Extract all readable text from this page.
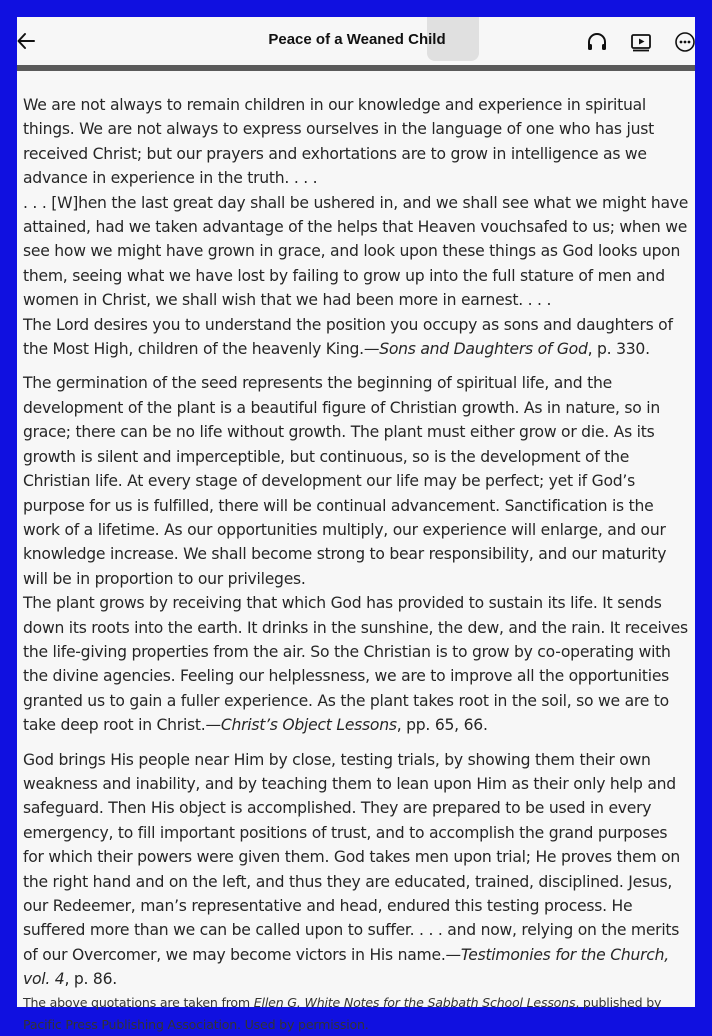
Peace of a Weaned Child

We are not always to remain children in our knowledge and experience in spiritual things. We are not always to express ourselves in the language of one who has just received Christ; but our prayers and exhortations are to grow in intelligence as we advance in experience in the truth. . . .

. . . [W]hen the last great day shall be ushered in, and we shall see what we might have attained, had we taken advantage of the helps that Heaven vouchsafed to us; when we see how we might have grown in grace, and look upon these things as God looks upon them, seeing what we have lost by failing to grow up into the full stature of men and women in Christ, we shall wish that we had been more in earnest. . . .

The Lord desires you to understand the position you occupy as sons and daughters of the Most High, children of the heavenly King.—Sons and Daughters of God, p. 330.

The germination of the seed represents the beginning of spiritual life, and the development of the plant is a beautiful figure of Christian growth. As in nature, so in grace; there can be no life without growth. The plant must either grow or die. As its growth is silent and imperceptible, but continuous, so is the development of the Christian life. At every stage of development our life may be perfect; yet if God’s purpose for us is fulfilled, there will be continual advancement. Sanctification is the work of a lifetime. As our opportunities multiply, our experience will enlarge, and our knowledge increase. We shall become strong to bear responsibility, and our maturity will be in proportion to our privileges.

The plant grows by receiving that which God has provided to sustain its life. It sends down its roots into the earth. It drinks in the sunshine, the dew, and the rain. It receives the life-giving properties from the air. So the Christian is to grow by co-operating with the divine agencies. Feeling our helplessness, we are to improve all the opportunities granted us to gain a fuller experience. As the plant takes root in the soil, so we are to take deep root in Christ.—Christ’s Object Lessons, pp. 65, 66.

God brings His people near Him by close, testing trials, by showing them their own weakness and inability, and by teaching them to lean upon Him as their only help and safeguard. Then His object is accomplished. They are prepared to be used in every emergency, to fill important positions of trust, and to accomplish the grand purposes for which their powers were given them. God takes men upon trial; He proves them on the right hand and on the left, and thus they are educated, trained, disciplined. Jesus, our Redeemer, man’s representative and head, endured this testing process. He suffered more than we can be called upon to suffer. . . . and now, relying on the merits of our Overcomer, we may become victors in His name.—Testimonies for the Church, vol. 4, p. 86.

The above quotations are taken from Ellen G. White Notes for the Sabbath School Lessons, published by Pacific Press Publishing Association. Used by permission.
